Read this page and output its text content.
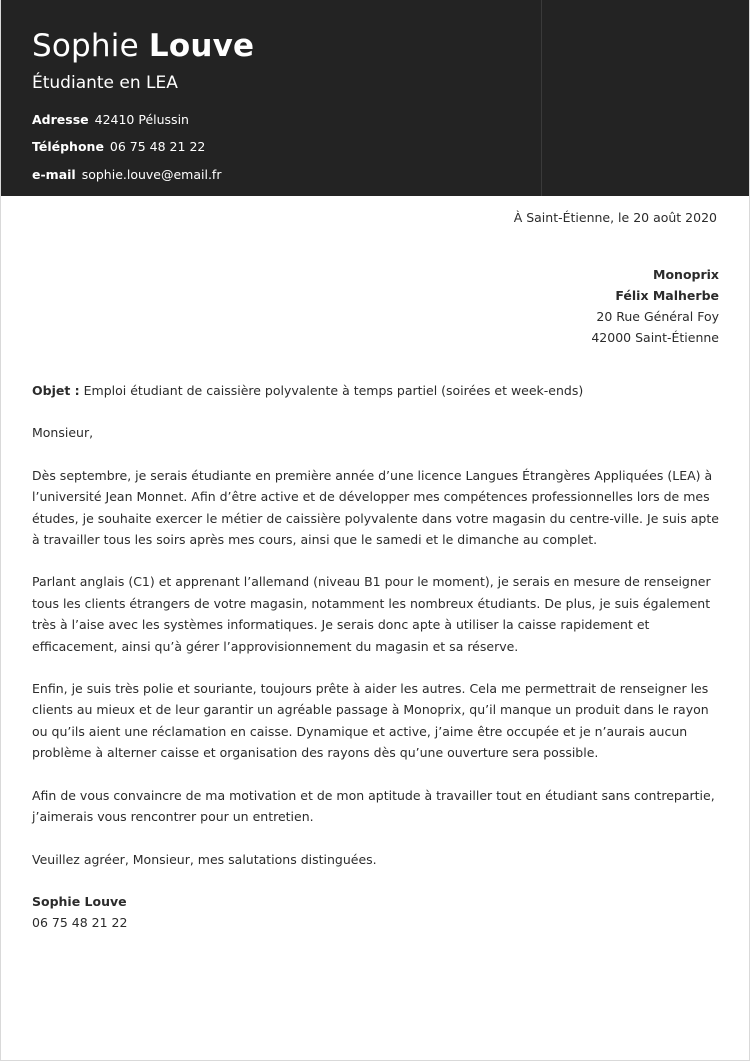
Sophie Louve
Étudiante en LEA
Adresse 42410 Pélussin
Téléphone 06 75 48 21 22
e-mail sophie.louve@email.fr
À Saint-Étienne, le 20 août 2020
Monoprix
Félix Malherbe
20 Rue Général Foy
42000 Saint-Étienne

Objet : Emploi étudiant de caissière polyvalente à temps partiel (soirées et week-ends)

Monsieur,

Dès septembre, je serais étudiante en première année d’une licence Langues Étrangères Appliquées (LEA) à l’université Jean Monnet. Afin d’être active et de développer mes compétences professionnelles lors de mes études, je souhaite exercer le métier de caissière polyvalente dans votre magasin du centre-ville. Je suis apte à travailler tous les soirs après mes cours, ainsi que le samedi et le dimanche au complet.

Parlant anglais (C1) et apprenant l’allemand (niveau B1 pour le moment), je serais en mesure de renseigner tous les clients étrangers de votre magasin, notamment les nombreux étudiants. De plus, je suis également très à l’aise avec les systèmes informatiques. Je serais donc apte à utiliser la caisse rapidement et efficacement, ainsi qu’à gérer l’approvisionnement du magasin et sa réserve.

Enfin, je suis très polie et souriante, toujours prête à aider les autres. Cela me permettrait de renseigner les clients au mieux et de leur garantir un agréable passage à Monoprix, qu’il manque un produit dans le rayon ou qu’ils aient une réclamation en caisse. Dynamique et active, j’aime être occupée et je n’aurais aucun problème à alterner caisse et organisation des rayons dès qu’une ouverture sera possible.

Afin de vous convaincre de ma motivation et de mon aptitude à travailler tout en étudiant sans contrepartie, j’aimerais vous rencontrer pour un entretien.

Veuillez agréer, Monsieur, mes salutations distinguées.

Sophie Louve
06 75 48 21 22
